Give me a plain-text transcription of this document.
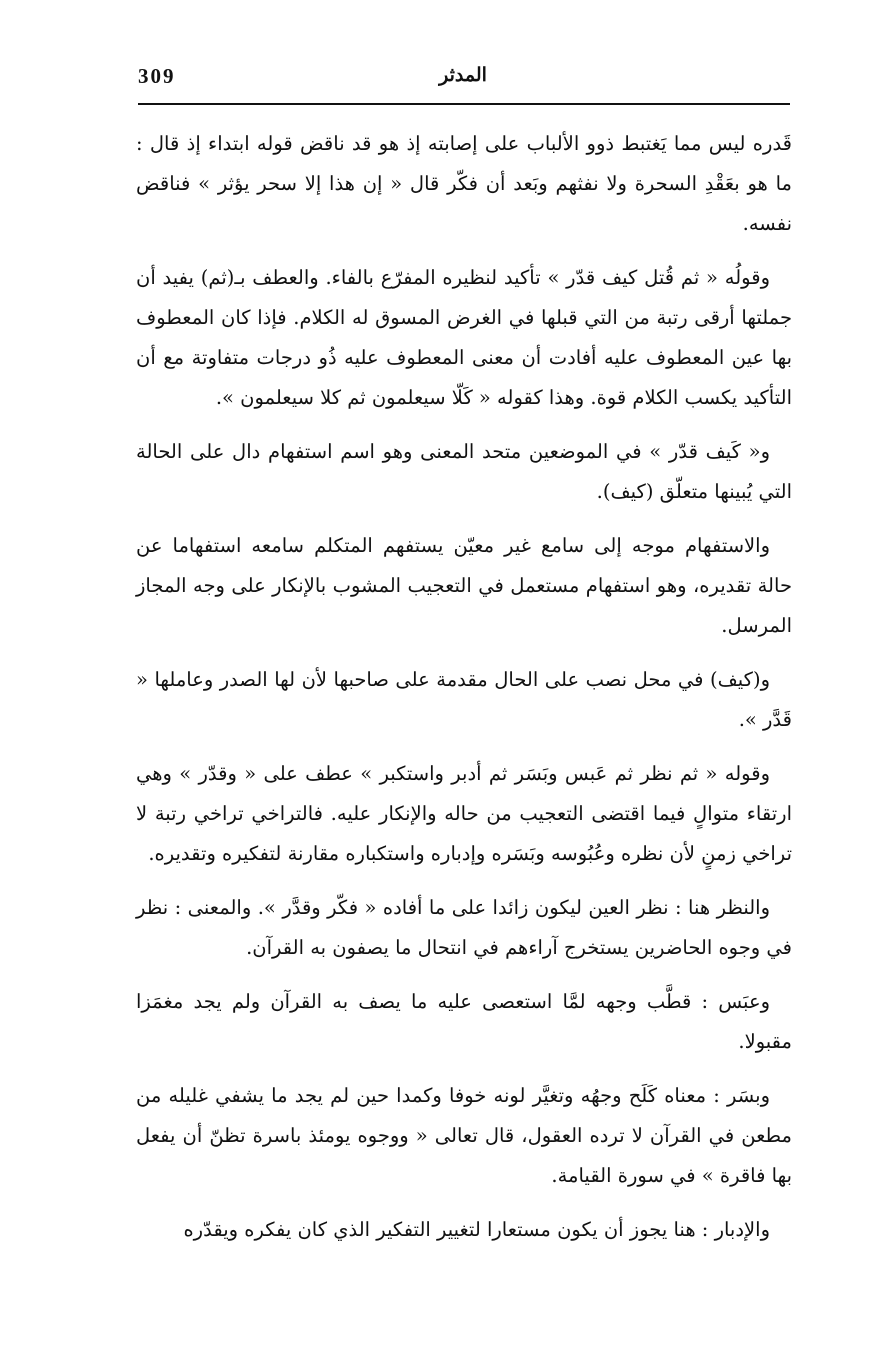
309	المدثر

قَدره ليس مما يَغتبط ذوو الألباب على إصابته إذ هو قد ناقض قوله ابتداء إذ قال : ما هو بعَقْدِ السحرة ولا نفثهم وبَعد أن فكّر قال « إن هذا إلا سحر يؤثر » فناقض نفسه.

وقولُه « ثم قُتل كيف قدّر » تأكيد لنظيره المفرّع بالفاء. والعطف بـ(ثم) يفيد أن جملتها أرقى رتبة من التي قبلها في الغرض المسوق له الكلام. فإذا كان المعطوف بها عين المعطوف عليه أفادت أن معنى المعطوف عليه ذُو درجات متفاوتة مع أن التأكيد يكسب الكلام قوة. وهذا كقوله « كَلّا سيعلمون ثم كلا سيعلمون ».

و« كَيف قدّر » في الموضعين متحد المعنى وهو اسم استفهام دال على الحالة التي يُبينها متعلّق (كيف).

والاستفهام موجه إلى سامع غير معيّن يستفهم المتكلم سامعه استفهاما عن حالة تقديره، وهو استفهام مستعمل في التعجيب المشوب بالإنكار على وجه المجاز المرسل.

و(كيف) في محل نصب على الحال مقدمة على صاحبها لأن لها الصدر وعاملها « قَدَّر ».

وقوله « ثم نظر ثم عَبس وبَسَر ثم أدبر واستكبر » عطف على « وقدّر » وهي ارتقاء متوالٍ فيما اقتضى التعجيب من حاله والإنكار عليه. فالتراخي تراخي رتبة لا تراخي زمنٍ لأن نظره وعُبُوسه وبَسَره وإدباره واستكباره مقارنة لتفكيره وتقديره.

والنظر هنا : نظر العين ليكون زائدا على ما أفاده « فكّر وقدَّر ». والمعنى : نظر في وجوه الحاضرين يستخرج آراءهم في انتحال ما يصفون به القرآن.

وعبَس : قطَّب وجهه لمَّا استعصى عليه ما يصف به القرآن ولم يجد مغمَزا مقبولا.

وبسَر : معناه كَلَح وجهُه وتغيَّر لونه خوفا وكمدا حين لم يجد ما يشفي غليله من مطعن في القرآن لا ترده العقول، قال تعالى « ووجوه يومئذ باسرة تظنّ أن يفعل بها فاقرة » في سورة القيامة.

والإدبار : هنا يجوز أن يكون مستعارا لتغيير التفكير الذي كان يفكره ويقدّره
